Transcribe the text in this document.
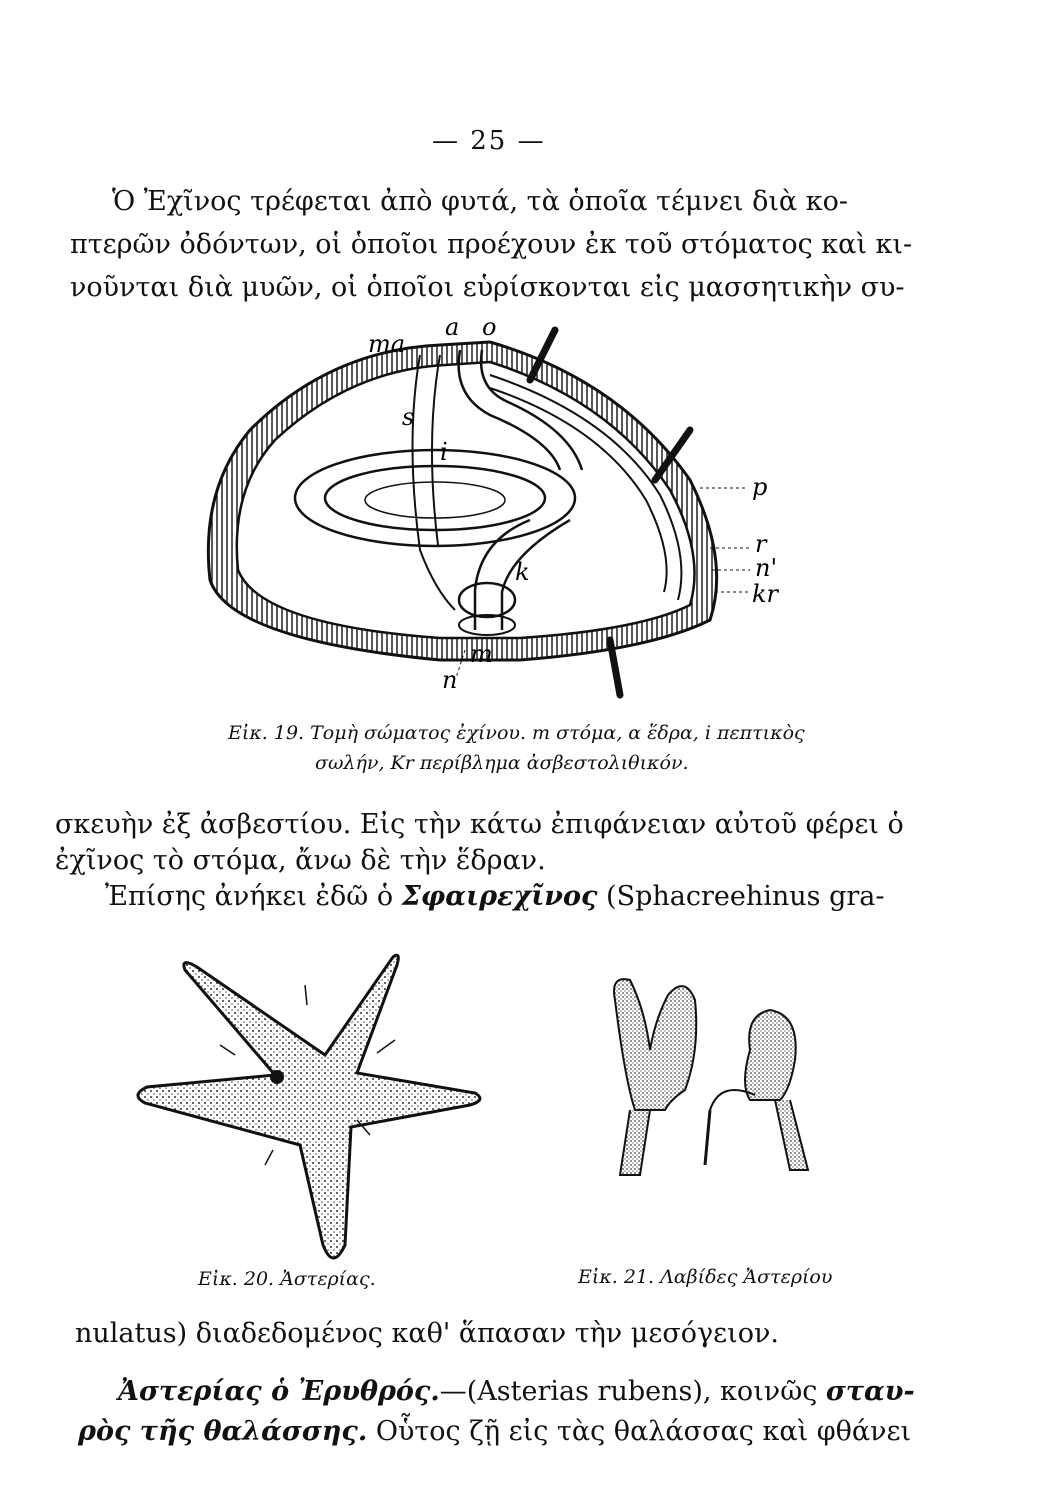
— 25 —
Ὁ Ἐχῖνος τρέφεται ἀπὸ φυτά, τὰ ὁποῖα τέμνει διὰ κο-
πτερῶν ὀδόντων, οἱ ὁποῖοι προέχουν ἐκ τοῦ στόματος καὶ κι-
νοῦνται διὰ μυῶν, οἱ ὁποῖοι εὑρίσκονται εἰς μασσητικὴν συ-
ma
a o
s
i
p
r
n'
kr
k
m
n
Εἰκ. 19. Τομὴ σώματος ἐχίνου. m στόμα, α ἕδρα, i πεπτικὸς
σωλήν, Kr περίβλημα ἀσβεστολιθικόν.
σκευὴν ἐξ ἀσβεστίου. Εἰς τὴν κάτω ἐπιφάνειαν αὐτοῦ φέρει ὁ
ἐχῖνος τὸ στόμα, ἄνω δὲ τὴν ἕδραν.
Ἐπίσης ἀνήκει ἐδῶ ὁ Σφαιρεχῖνος (Sphacreehinus gra-
Εἰκ. 20. Ἀστερίας.	Εἰκ. 21. Λαβίδες Ἀστερίου
nulatus) διαδεδομένος καθ' ἅπασαν τὴν μεσόγειον.
Ἀστερίας ὁ Ἐρυθρός.—(Asterias rubens), κοινῶς σταυ-
ρὸς τῆς θαλάσσης. Οὗτος ζῇ εἰς τὰς θαλάσσας καὶ φθάνει
